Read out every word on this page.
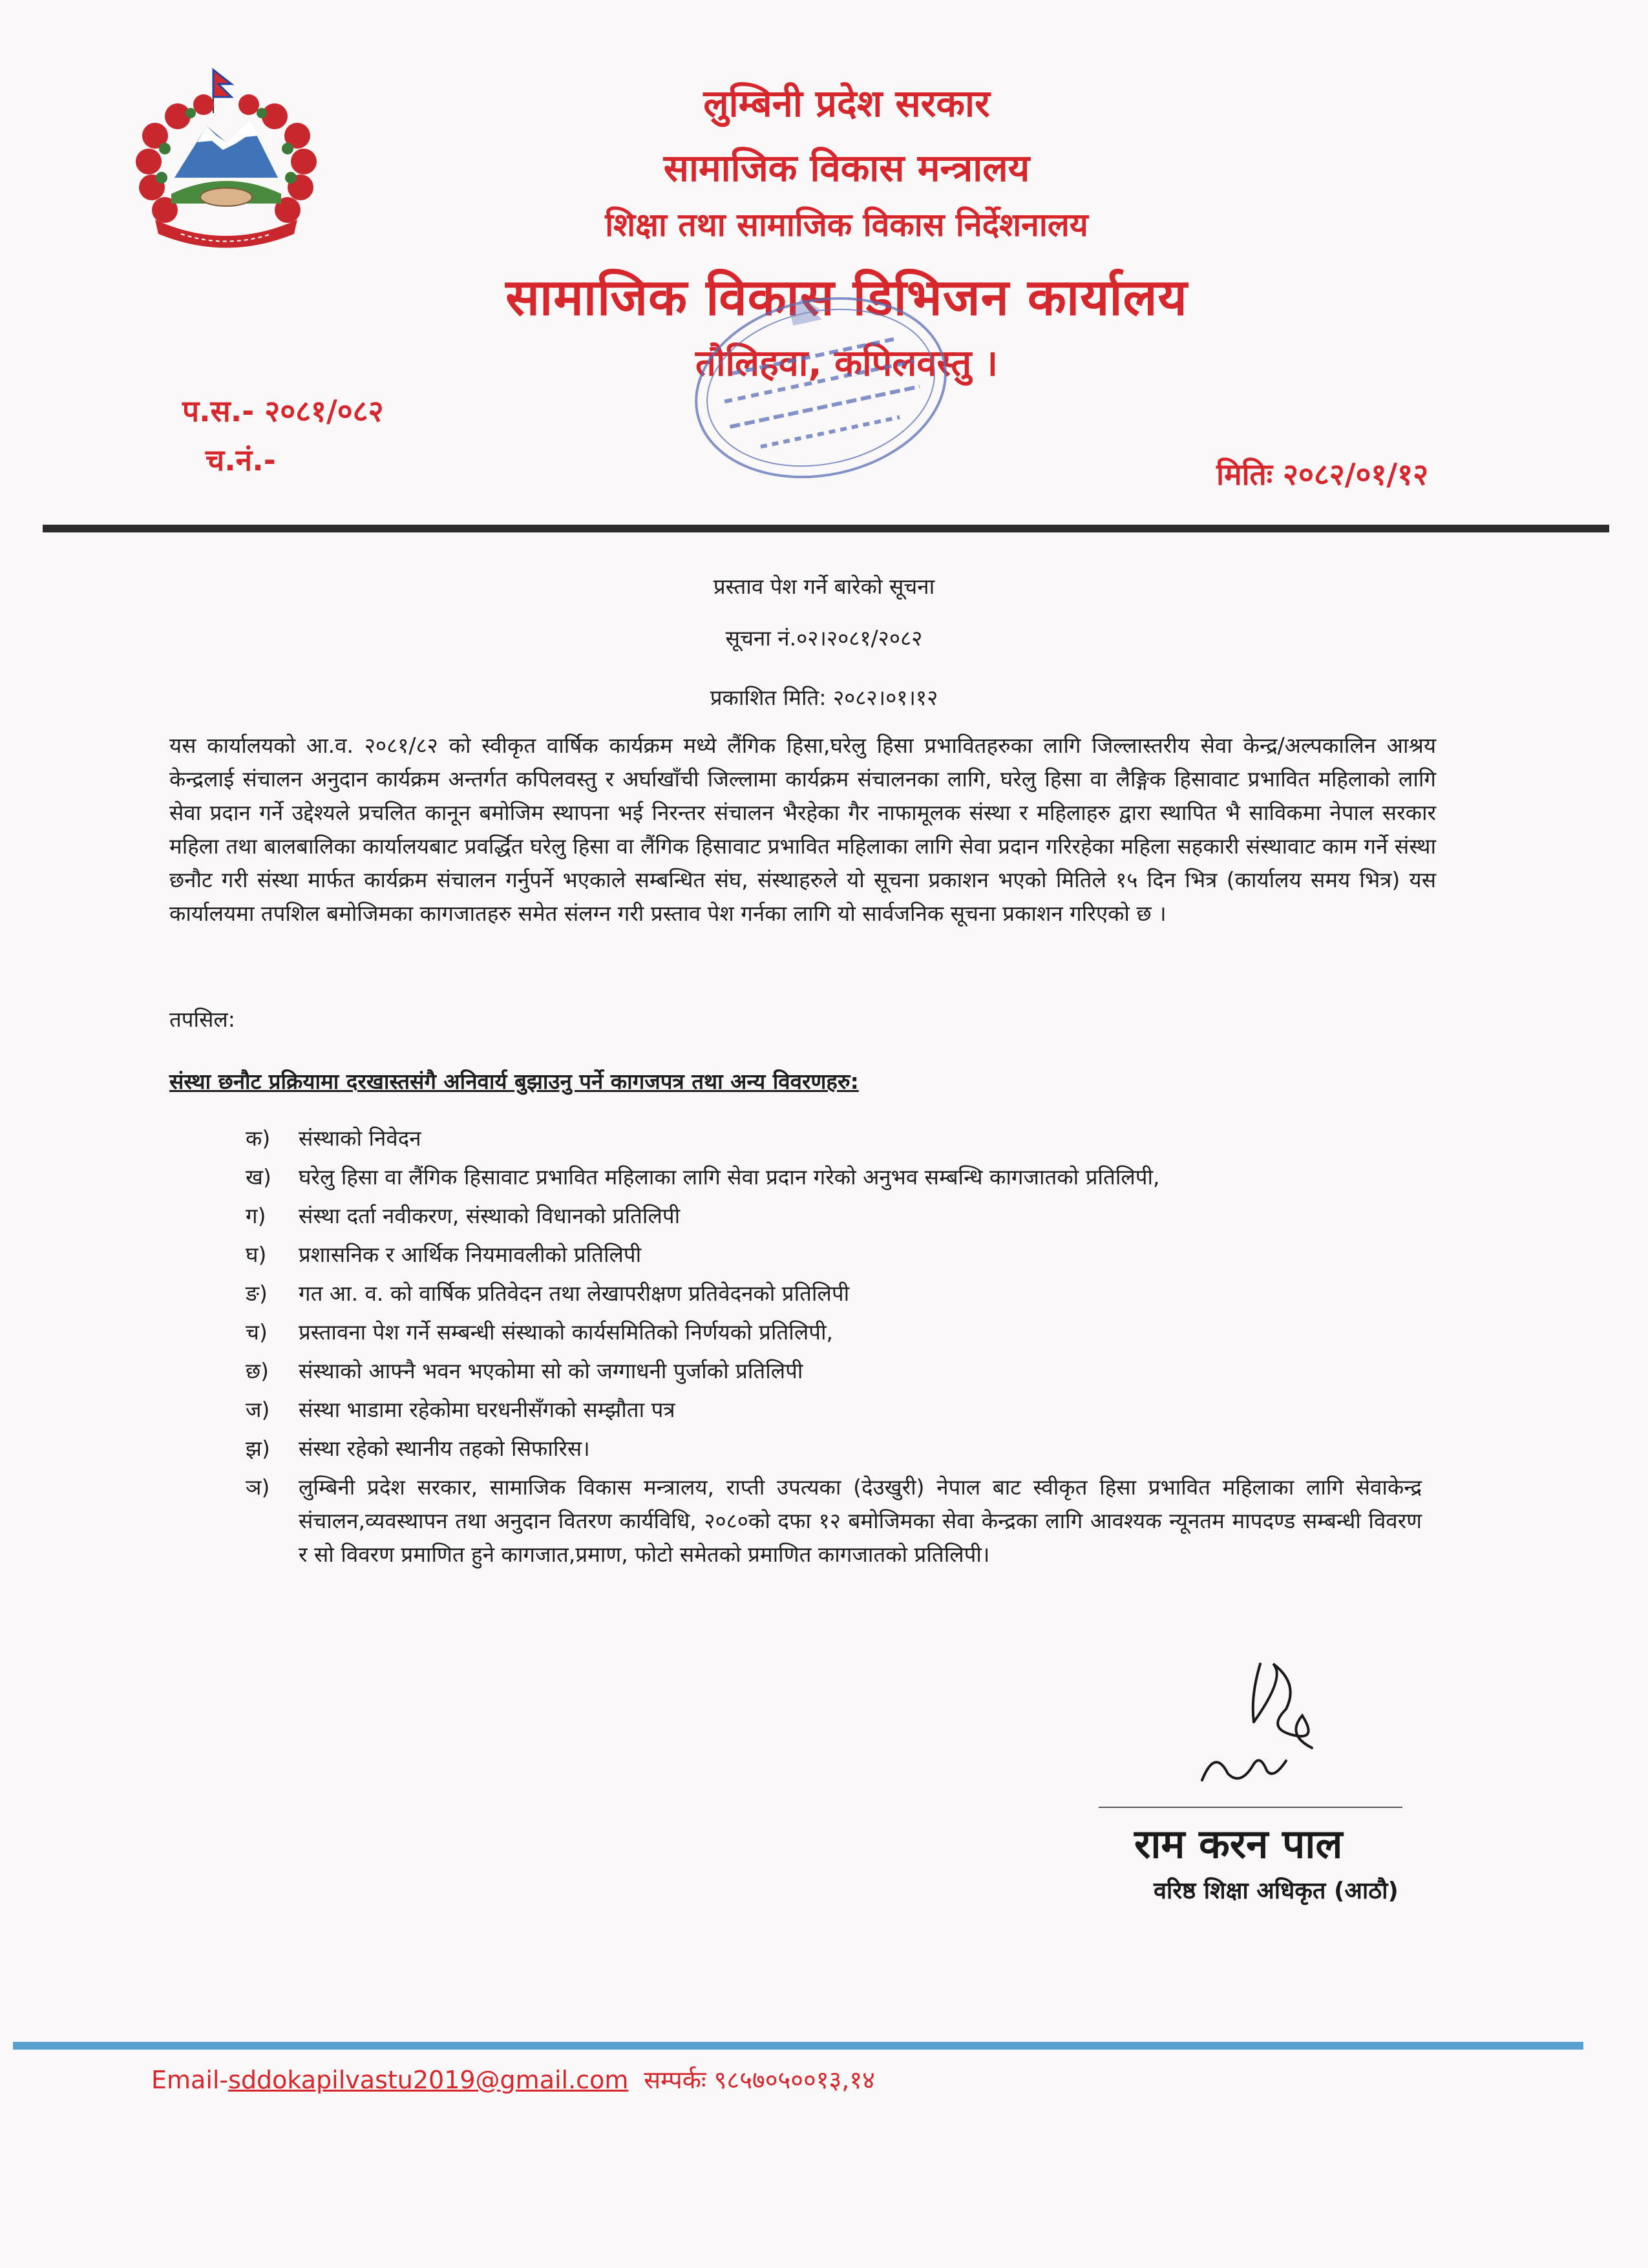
लुम्बिनी प्रदेश सरकार
सामाजिक विकास मन्त्रालय
शिक्षा तथा सामाजिक विकास निर्देशनालय
सामाजिक विकास डिभिजन कार्यालय
तौलिहवा, कपिलवस्तु ।
प.स.- २०८१/०८२
च.नं.-	मितिः २०८२/०१/१२
प्रस्ताव पेश गर्ने बारेको सूचना
सूचना नं.०२।२०८१/२०८२
प्रकाशित मिति: २०८२।०१।१२

यस कार्यालयको आ.व. २०८१/८२ को स्वीकृत वार्षिक कार्यक्रम मध्ये लैंगिक हिसा,घरेलु हिसा प्रभावितहरुका लागि जिल्लास्तरीय सेवा केन्द्र/अल्पकालिन आश्रय केन्द्रलाई संचालन अनुदान कार्यक्रम अन्तर्गत कपिलवस्तु र अर्घाखाँची जिल्लामा कार्यक्रम संचालनका लागि, घरेलु हिसा वा लैङ्गिक हिसावाट प्रभावित महिलाको लागि सेवा प्रदान गर्ने उद्देश्यले प्रचलित कानून बमोजिम स्थापना भई निरन्तर संचालन भैरहेका गैर नाफामूलक संस्था र महिलाहरु द्वारा स्थापित भै साविकमा नेपाल सरकार महिला तथा बालबालिका कार्यालयबाट प्रवर्द्धित घरेलु हिसा वा लैंगिक हिसावाट प्रभावित महिलाका लागि सेवा प्रदान गरिरहेका महिला सहकारी संस्थावाट काम गर्ने संस्था छनौट गरी संस्था मार्फत कार्यक्रम संचालन गर्नुपर्ने भएकाले सम्बन्धित संघ, संस्थाहरुले यो सूचना प्रकाशन भएको मितिले १५ दिन भित्र (कार्यालय समय भित्र) यस कार्यालयमा तपशिल बमोजिमका कागजातहरु समेत संलग्न गरी प्रस्ताव पेश गर्नका लागि यो सार्वजनिक सूचना प्रकाशन गरिएको छ ।

तपसिल:
संस्था छनौट प्रक्रियामा दरखास्तसंगै अनिवार्य बुझाउनु पर्ने कागजपत्र तथा अन्य विवरणहरु:
क)	संस्थाको निवेदन
ख)	घरेलु हिसा वा लैंगिक हिसावाट प्रभावित महिलाका लागि सेवा प्रदान गरेको अनुभव सम्बन्धि कागजातको प्रतिलिपी,
ग)	संस्था दर्ता नवीकरण, संस्थाको विधानको प्रतिलिपी
घ)	प्रशासनिक र आर्थिक नियमावलीको प्रतिलिपी
ङ)	गत आ. व. को वार्षिक प्रतिवेदन तथा लेखापरीक्षण प्रतिवेदनको प्रतिलिपी
च)	प्रस्तावना पेश गर्ने सम्बन्धी संस्थाको कार्यसमितिको निर्णयको प्रतिलिपी,
छ)	संस्थाको आफ्नै भवन भएकोमा सो को जग्गाधनी पुर्जाको प्रतिलिपी
ज)	संस्था भाडामा रहेकोमा घरधनीसँगको सम्झौता पत्र
झ)	संस्था रहेको स्थानीय तहको सिफारिस।
ञ)	लुम्बिनी प्रदेश सरकार, सामाजिक विकास मन्त्रालय, राप्ती उपत्यका (देउखुरी) नेपाल बाट स्वीकृत हिसा प्रभावित महिलाका लागि सेवाकेन्द्र संचालन,व्यवस्थापन तथा अनुदान वितरण कार्यविधि, २०८०को दफा १२ बमोजिमका सेवा केन्द्रका लागि आवश्यक न्यूनतम मापदण्ड सम्बन्धी विवरण र सो विवरण प्रमाणित हुने कागजात,प्रमाण, फोटो समेतको प्रमाणित कागजातको प्रतिलिपी।
राम करन पाल
वरिष्ठ शिक्षा अधिकृत (आठौ)
Email-sddokapilvastu2019@gmail.com सम्पर्कः ९८५७०५००१३,१४
